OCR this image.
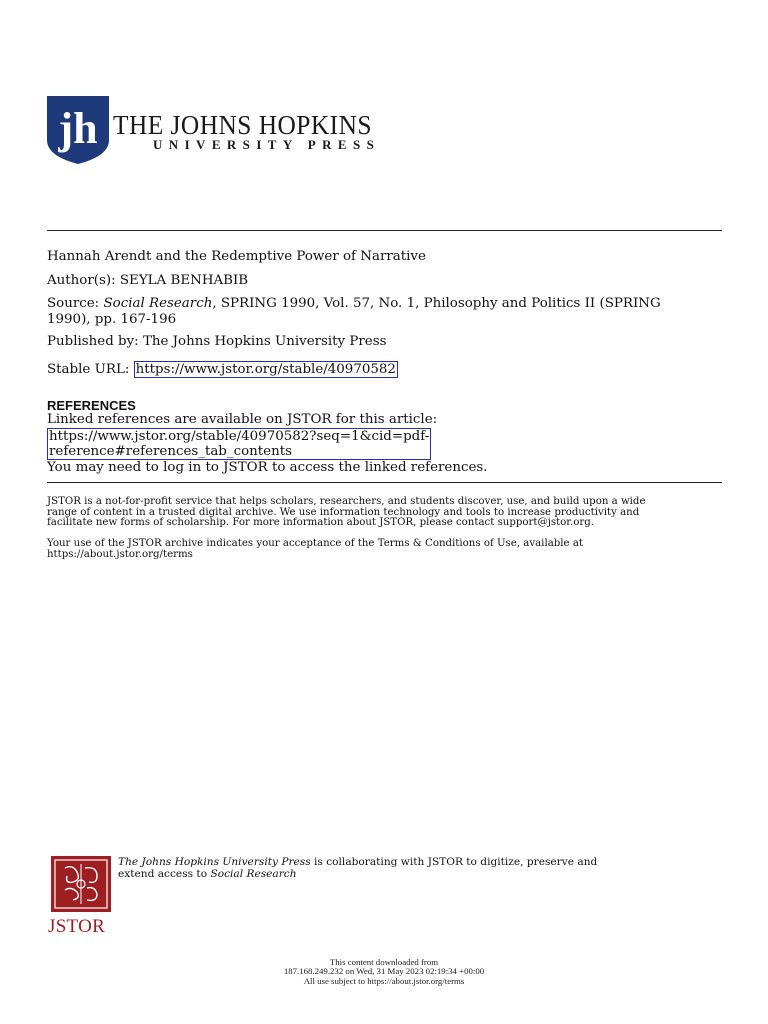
jh THE JOHNS HOPKINS
UNIVERSITY PRESS
Hannah Arendt and the Redemptive Power of Narrative
Author(s): SEYLA BENHABIB
Source: Social Research, SPRING 1990, Vol. 57, No. 1, Philosophy and Politics II (SPRING
1990), pp. 167-196
Published by: The Johns Hopkins University Press
Stable URL: https://www.jstor.org/stable/40970582
REFERENCES
Linked references are available on JSTOR for this article:
https://www.jstor.org/stable/40970582?seq=1&cid=pdf-
reference#references_tab_contents
You may need to log in to JSTOR to access the linked references.
JSTOR is a not-for-profit service that helps scholars, researchers, and students discover, use, and build upon a wide
range of content in a trusted digital archive. We use information technology and tools to increase productivity and
facilitate new forms of scholarship. For more information about JSTOR, please contact support@jstor.org.
Your use of the JSTOR archive indicates your acceptance of the Terms & Conditions of Use, available at
https://about.jstor.org/terms
JSTOR
The Johns Hopkins University Press is collaborating with JSTOR to digitize, preserve and
extend access to Social Research
This content downloaded from
187.168.249.232 on Wed, 31 May 2023 02:19:34 +00:00
All use subject to https://about.jstor.org/terms
